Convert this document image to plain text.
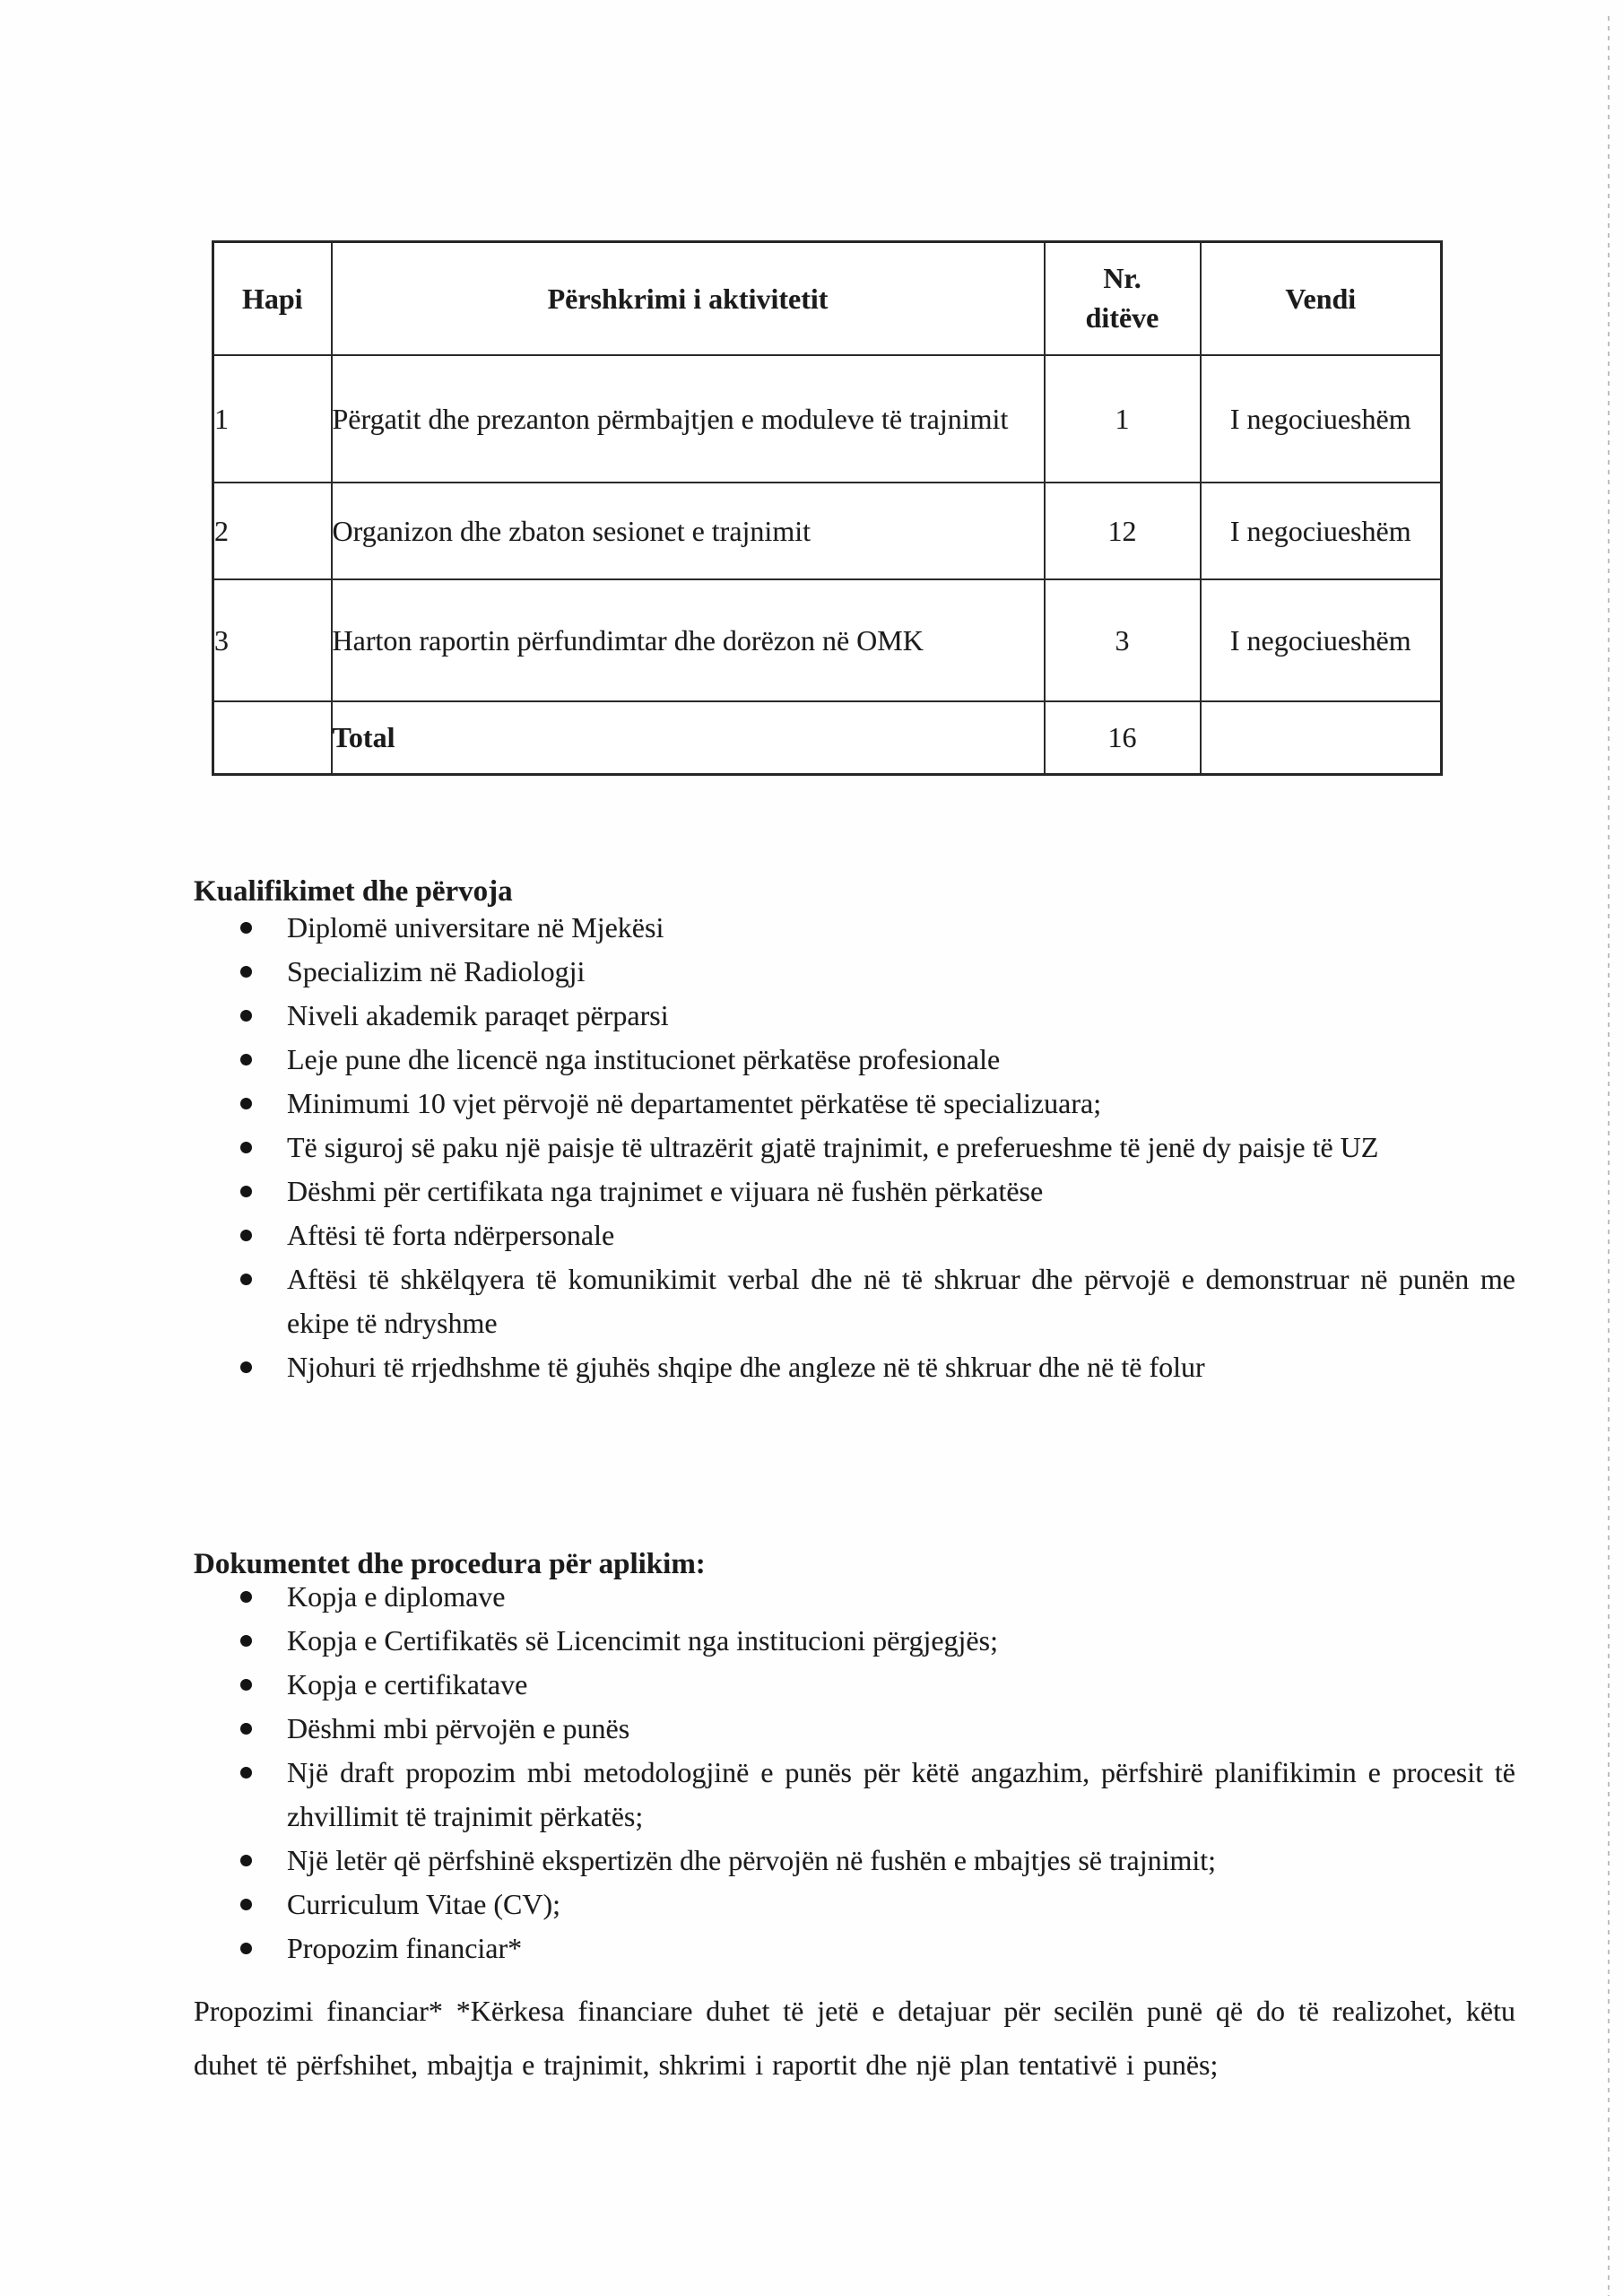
Hapi	Përshkrimi i aktivitetit	Nr. ditëve	Vendi
1	Përgatit dhe prezanton përmbajtjen e moduleve të trajnimit	1	I negociueshëm
2	Organizon dhe zbaton sesionet e trajnimit	12	I negociueshëm
3	Harton raportin përfundimtar dhe dorëzon në OMK	3	I negociueshëm
	Total	16	
Kualifikimet dhe përvoja
Diplomë universitare në Mjekësi
Specializim në Radiologji
Niveli akademik paraqet përparsi
Leje pune dhe licencë nga institucionet përkatëse profesionale
Minimumi 10 vjet përvojë në departamentet përkatëse të specializuara;
Të siguroj së paku një paisje të ultrazërit gjatë trajnimit, e preferueshme të jenë dy paisje të UZ
Dëshmi për certifikata nga trajnimet e vijuara në fushën përkatëse
Aftësi të forta ndërpersonale
Aftësi të shkëlqyera të komunikimit verbal dhe në të shkruar dhe përvojë e demonstruar në punën me ekipe të ndryshme
Njohuri të rrjedhshme të gjuhës shqipe dhe angleze në të shkruar dhe në të folur
Dokumentet dhe procedura për aplikim:
Kopja e diplomave
Kopja e Certifikatës së Licencimit nga institucioni përgjegjës;
Kopja e certifikatave
Dëshmi mbi përvojën e punës
Një draft propozim mbi metodologjinë e punës për këtë angazhim, përfshirë planifikimin e procesit të zhvillimit të trajnimit përkatës;
Një letër që përfshinë ekspertizën dhe përvojën në fushën e mbajtjes së trajnimit;
Curriculum Vitae (CV);
Propozim financiar*

Propozimi financiar* *Kërkesa financiare duhet të jetë e detajuar për secilën punë që do të realizohet, këtu duhet të përfshihet, mbajtja e trajnimit, shkrimi i raportit dhe një plan tentativë i punës;
